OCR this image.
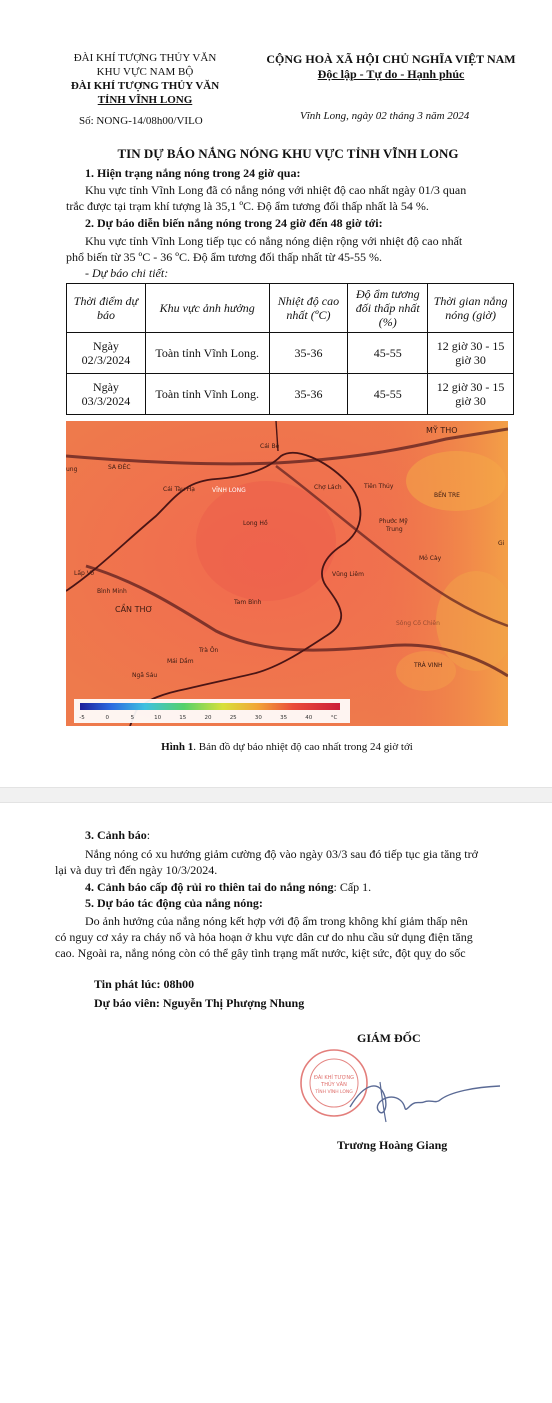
ĐÀI KHÍ TƯỢNG THỦY VĂN
KHU VỰC NAM BỘ
ĐÀI KHÍ TƯỢNG THỦY VĂN
TỈNH VĨNH LONG
Số: NONG-14/08h00/VILO
CỘNG HOÀ XÃ HỘI CHỦ NGHĨA VIỆT NAM
Độc lập - Tự do - Hạnh phúc
Vĩnh Long, ngày 02 tháng 3 năm 2024
TIN DỰ BÁO NẮNG NÓNG KHU VỰC TỈNH VĨNH LONG
1. Hiện trạng nắng nóng trong 24 giờ qua:
Khu vực tỉnh Vĩnh Long đã có nắng nóng với nhiệt độ cao nhất ngày 01/3 quan
trắc được tại trạm khí tượng là 35,1 ºC. Độ ẩm tương đối thấp nhất là 54 %.
2. Dự báo diễn biến nắng nóng trong 24 giờ đến 48 giờ tới:
Khu vực tỉnh Vĩnh Long tiếp tục có nắng nóng diện rộng với nhiệt độ cao nhất
phổ biến từ 35 ºC - 36 ºC. Độ ẩm tương đối thấp nhất từ 45-55 %.
- Dự báo chi tiết:
Thời điểm dự báo	Khu vực ảnh hưởng	Nhiệt độ cao nhất (ºC)	Độ ẩm tương đối thấp nhất (%)	Thời gian nắng nóng (giờ)
Ngày 02/3/2024	Toàn tỉnh Vĩnh Long.	35-36	45-55	12 giờ 30 - 15 giờ 30
Ngày 03/3/2024	Toàn tỉnh Vĩnh Long.	35-36	45-55	12 giờ 30 - 15 giờ 30
MỸ THO
Cái Bè
ung	SA ĐÉC
Cái Tàu Hạ	VĨNH LONG	Chợ Lách	Tiên Thủy
BẾN TRE
Long Hồ	Phước Mỹ
Trung
Gi
Mỏ Cày
Lấp Vò	Vũng Liêm
Bình Minh
Tam Bình
CẦN THƠ
Sông Cổ Chiên
Trà Ôn
Mái Dầm
Ngã Sáu
TRÀ VINH
-5	0	5	10	15	20	25	30	35	40	°C
Hình 1. Bản đồ dự báo nhiệt độ cao nhất trong 24 giờ tới
3. Cảnh báo:
Nắng nóng có xu hướng giảm cường độ vào ngày 03/3 sau đó tiếp tục gia tăng trở
lại và duy trì đến ngày 10/3/2024.
4. Cảnh báo cấp độ rủi ro thiên tai do nắng nóng: Cấp 1.
5. Dự báo tác động của nắng nóng:
Do ảnh hưởng của nắng nóng kết hợp với độ ẩm trong không khí giảm thấp nên
có nguy cơ xảy ra cháy nổ và hỏa hoạn ở khu vực dân cư do nhu cầu sử dụng điện tăng
cao. Ngoài ra, nắng nóng còn có thể gây tình trạng mất nước, kiệt sức, đột quỵ do sốc
Tin phát lúc: 08h00
Dự báo viên: Nguyễn Thị Phượng Nhung
GIÁM ĐỐC
ĐÀI KHÍ TƯỢNG
THỦY VĂN
TỈNH VĨNH LONG
Trương Hoàng Giang
